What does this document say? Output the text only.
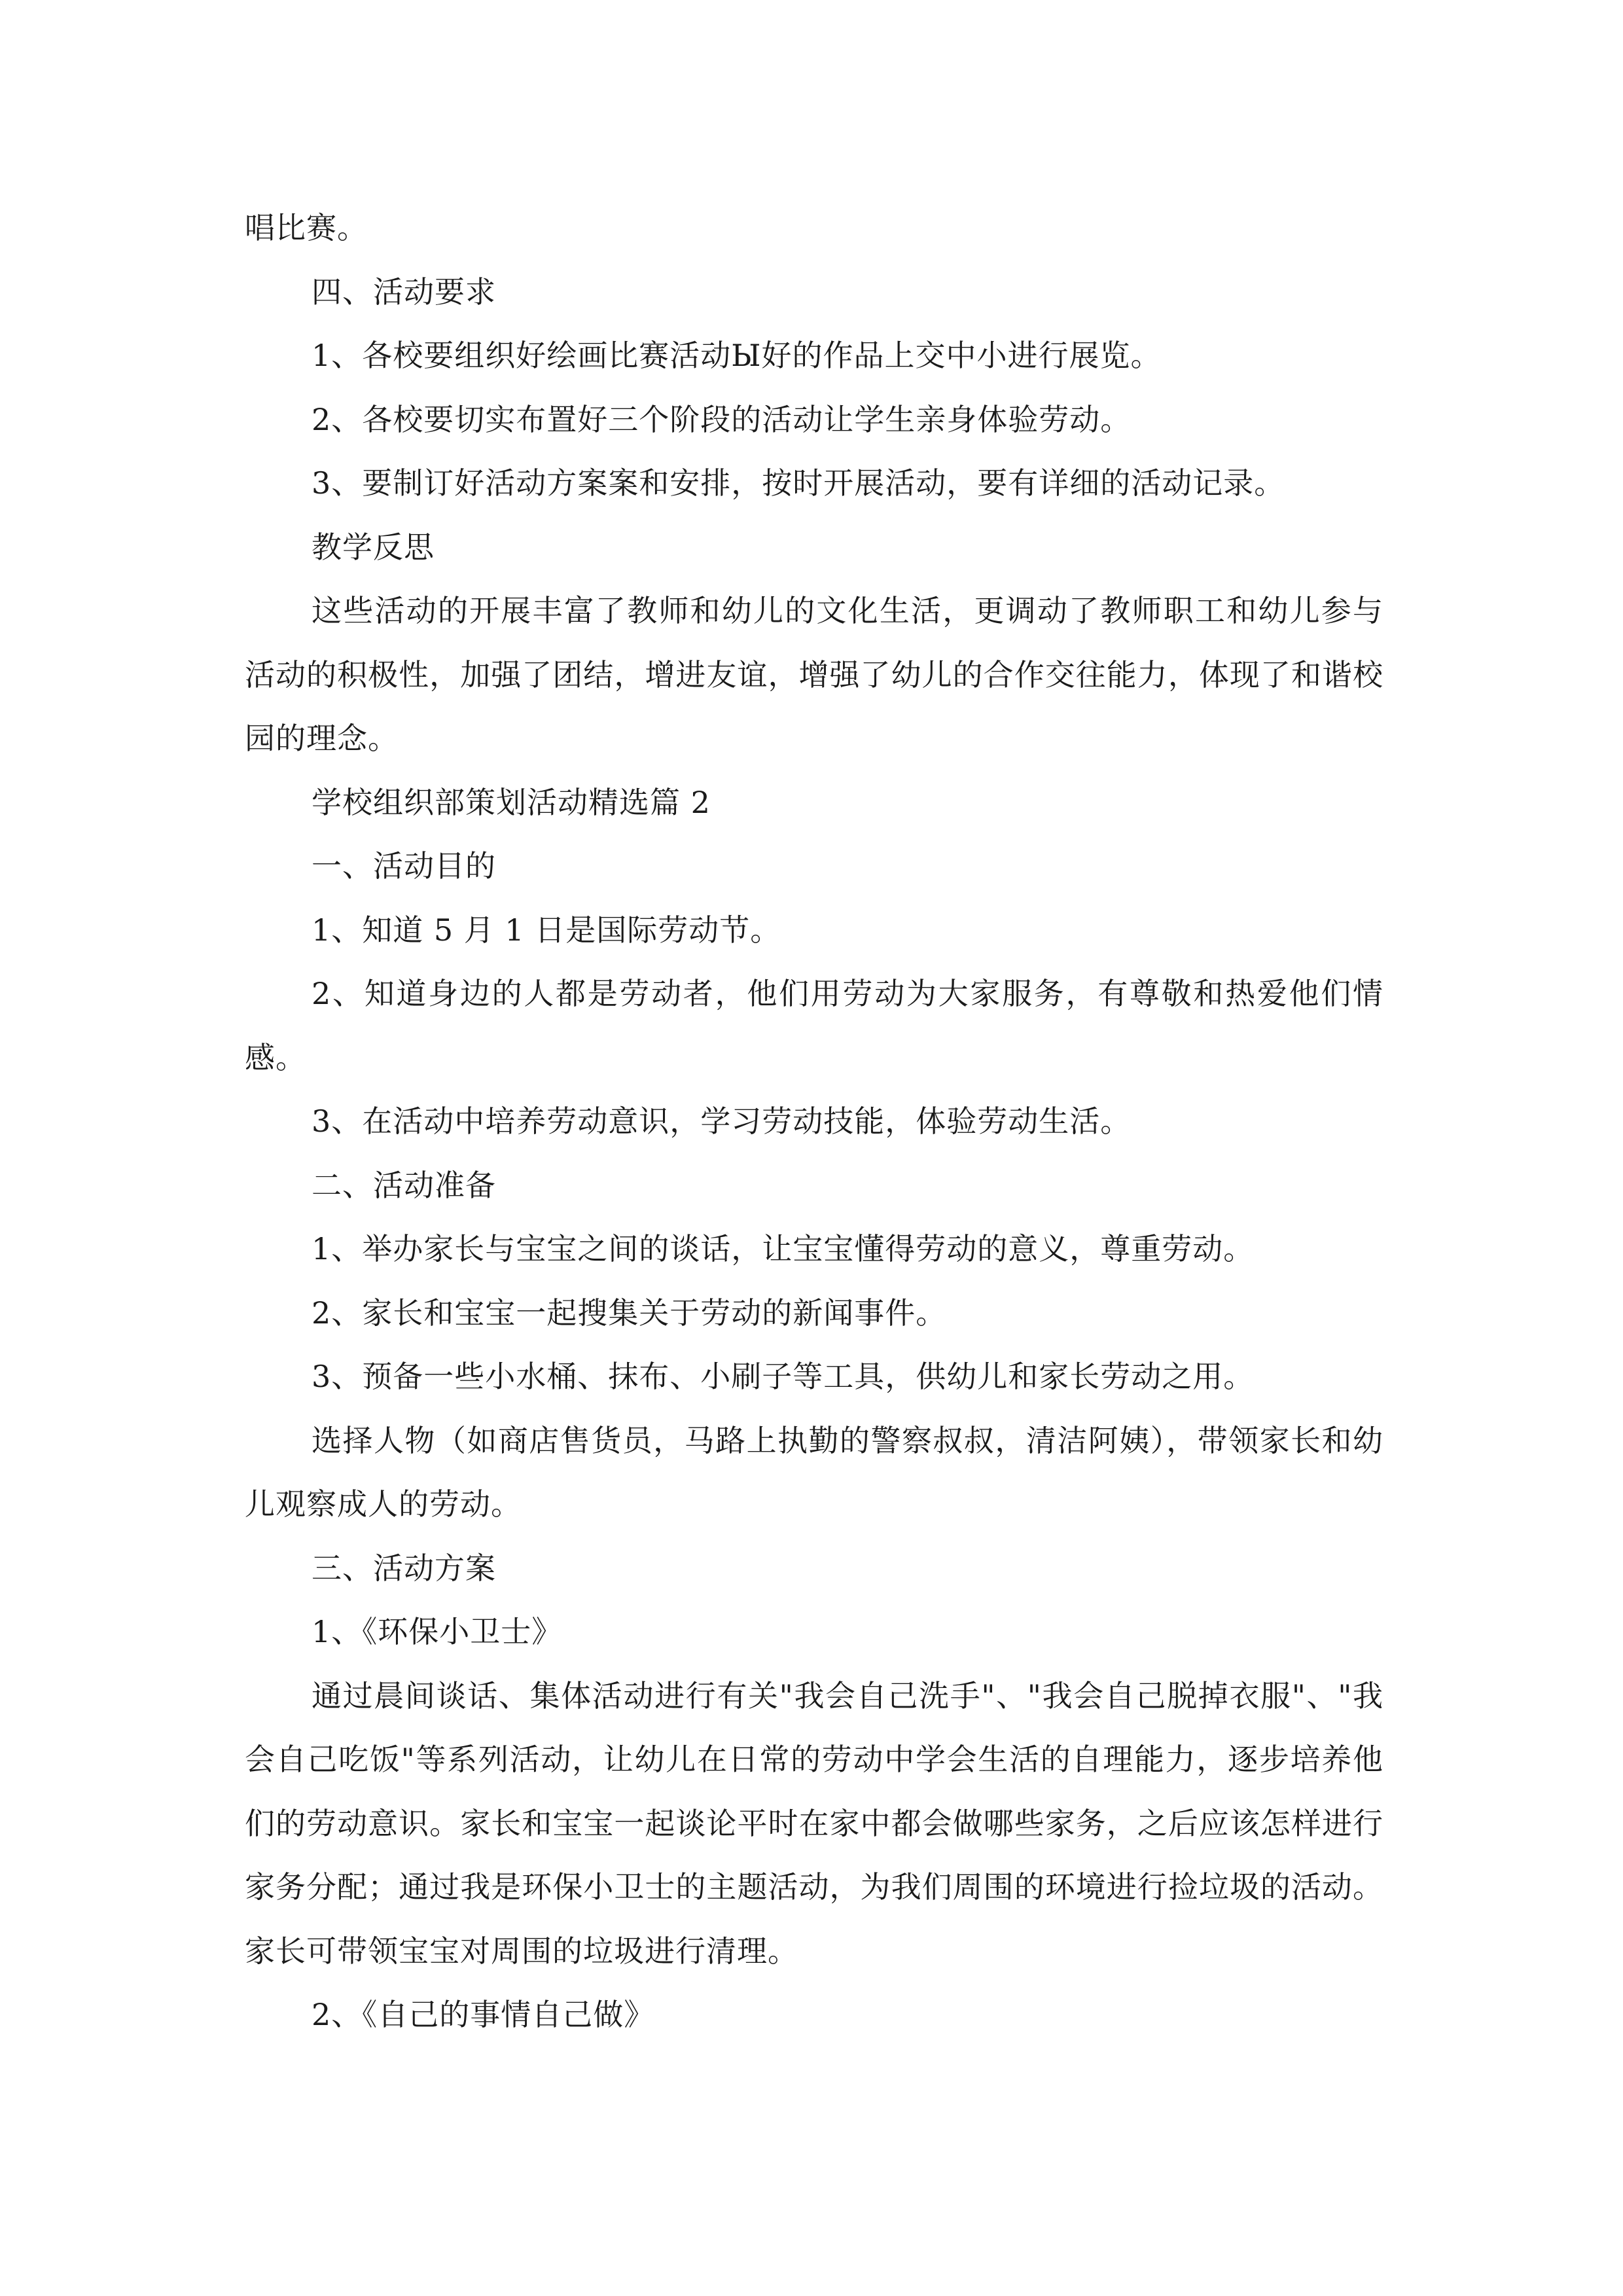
唱比赛。

四、活动要求

1、各校要组织好绘画比赛活动Ы好的作品上交中小进行展览。

2、各校要切实布置好三个阶段的活动让学生亲身体验劳动。

3、要制订好活动方案案和安排，按时开展活动，要有详细的活动记录。

教学反思

这些活动的开展丰富了教师和幼儿的文化生活，更调动了教师职工和幼儿参与活动的积极性，加强了团结，增进友谊，增强了幼儿的合作交往能力，体现了和谐校园的理念。

学校组织部策划活动精选篇 2

一、活动目的

1、知道 5 月 1 日是国际劳动节。

2、知道身边的人都是劳动者，他们用劳动为大家服务，有尊敬和热爱他们情感。

3、在活动中培养劳动意识，学习劳动技能，体验劳动生活。

二、活动准备

1、举办家长与宝宝之间的谈话，让宝宝懂得劳动的意义，尊重劳动。

2、家长和宝宝一起搜集关于劳动的新闻事件。

3、预备一些小水桶、抹布、小刷子等工具，供幼儿和家长劳动之用。

选择人物（如商店售货员，马路上执勤的警察叔叔，清洁阿姨），带领家长和幼儿观察成人的劳动。

三、活动方案

1、《环保小卫士》

通过晨间谈话、集体活动进行有关"我会自己洗手"、"我会自己脱掉衣服"、"我会自己吃饭"等系列活动，让幼儿在日常的劳动中学会生活的自理能力，逐步培养他们的劳动意识。家长和宝宝一起谈论平时在家中都会做哪些家务，之后应该怎样进行家务分配；通过我是环保小卫士的主题活动，为我们周围的环境进行捡垃圾的活动。家长可带领宝宝对周围的垃圾进行清理。

2、《自己的事情自己做》
